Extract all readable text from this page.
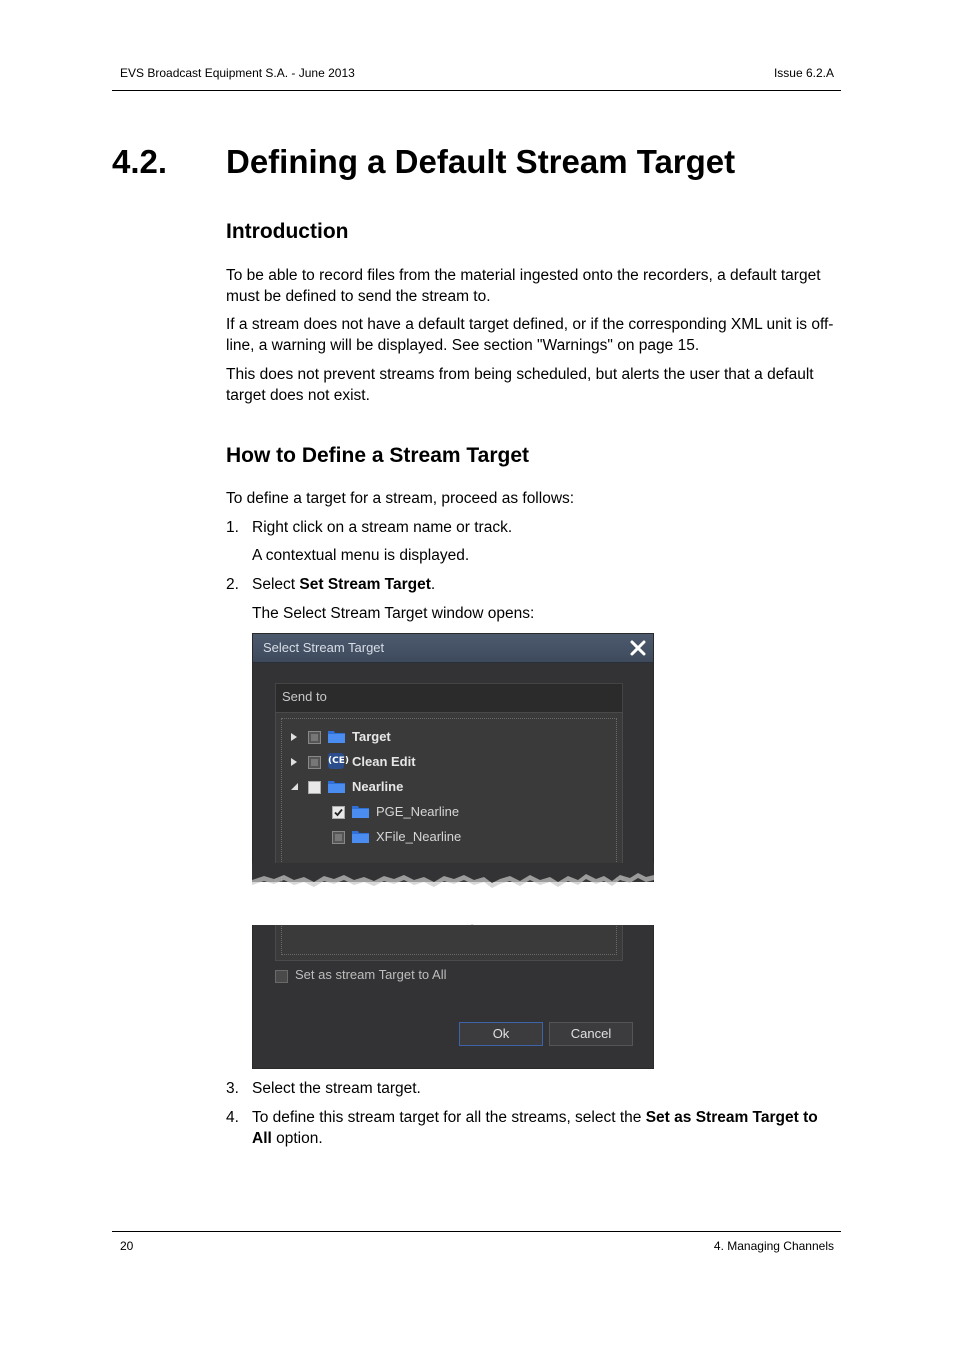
EVS Broadcast Equipment S.A. - June 2013	Issue 6.2.A
4.2. Defining a Default Stream Target
Introduction

To be able to record files from the material ingested onto the recorders, a default target must be defined to send the stream to.

If a stream does not have a default target defined, or if the corresponding XML unit is off-line, a warning will be displayed. See section "Warnings" on page 15.

This does not prevent streams from being scheduled, but alerts the user that a default target does not exist.

How to Define a Stream Target

To define a target for a stream, proceed as follows:

1. Right click on a stream name or track.
A contextual menu is displayed.
2. Select Set Stream Target.
The Select Stream Target window opens:
Select Stream Target
Send to
Target
(CE) Clean Edit
Nearline
PGE_Nearline
XFile_Nearline
Set as stream Target to All
Ok	Cancel
3. Select the stream target.
4. To define this stream target for all the streams, select the Set as Stream Target to All option.
20	4. Managing Channels
